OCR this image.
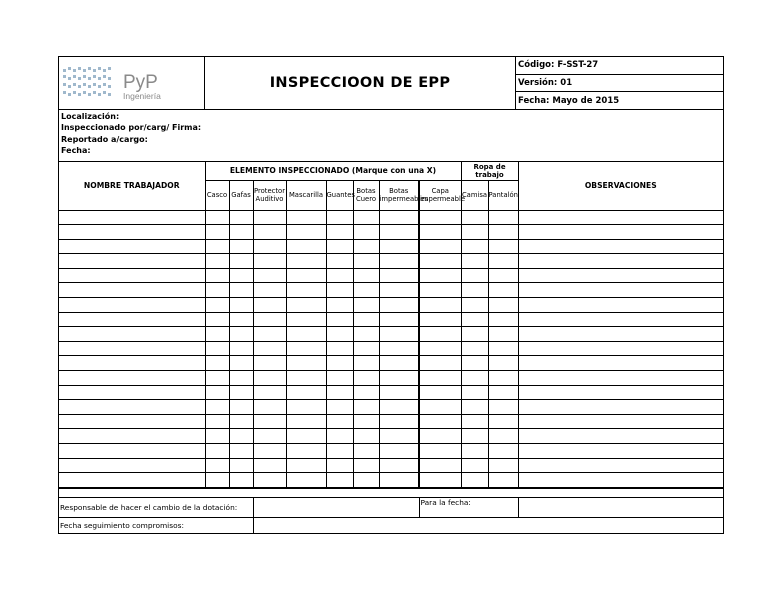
PyP
Ingeniería
INSPECCIOON DE EPP
Código: F-SST-27
Versión: 01
Fecha: Mayo de 2015
Localización:
Inspeccionado por/carg/ Firma:
Reportado a/cargo:
Fecha:
NOMBRE TRABAJADOR	ELEMENTO INSPECCIONADO (Marque con una X)								Ropa de trabajo		OBSERVACIONES
	Casco	Gafas	Protector Auditivo	Mascarilla	Guantes	Botas Cuero	Botas impermeables	Capa impermeable	Camisa	Pantalón	

Responsable de hacer el cambio de la dotación:		Para la fecha:	
Fecha seguimiento compromisos:			
